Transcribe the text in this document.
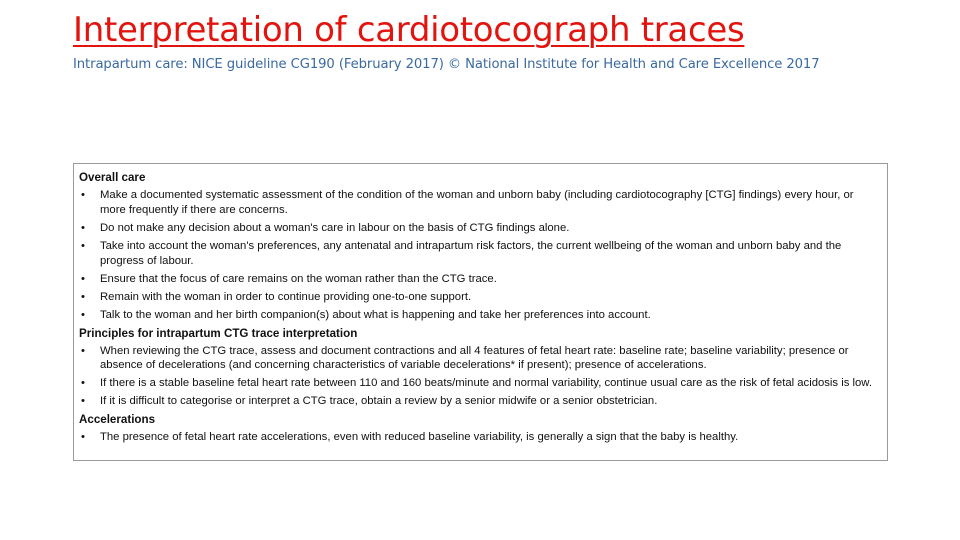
Interpretation of cardiotocograph traces
Intrapartum care: NICE guideline CG190 (February 2017) © National Institute for Health and Care Excellence 2017
Overall care
•	Make a documented systematic assessment of the condition of the woman and unborn baby (including cardiotocography [CTG] findings) every hour, or more frequently if there are concerns.
•	Do not make any decision about a woman's care in labour on the basis of CTG findings alone.
•	Take into account the woman's preferences, any antenatal and intrapartum risk factors, the current wellbeing of the woman and unborn baby and the progress of labour.
•	Ensure that the focus of care remains on the woman rather than the CTG trace.
•	Remain with the woman in order to continue providing one-to-one support.
•	Talk to the woman and her birth companion(s) about what is happening and take her preferences into account.
Principles for intrapartum CTG trace interpretation
•	When reviewing the CTG trace, assess and document contractions and all 4 features of fetal heart rate: baseline rate; baseline variability; presence or absence of decelerations (and concerning characteristics of variable decelerations* if present); presence of accelerations.
•	If there is a stable baseline fetal heart rate between 110 and 160 beats/minute and normal variability, continue usual care as the risk of fetal acidosis is low.
•	If it is difficult to categorise or interpret a CTG trace, obtain a review by a senior midwife or a senior obstetrician.
Accelerations
•	The presence of fetal heart rate accelerations, even with reduced baseline variability, is generally a sign that the baby is healthy.
